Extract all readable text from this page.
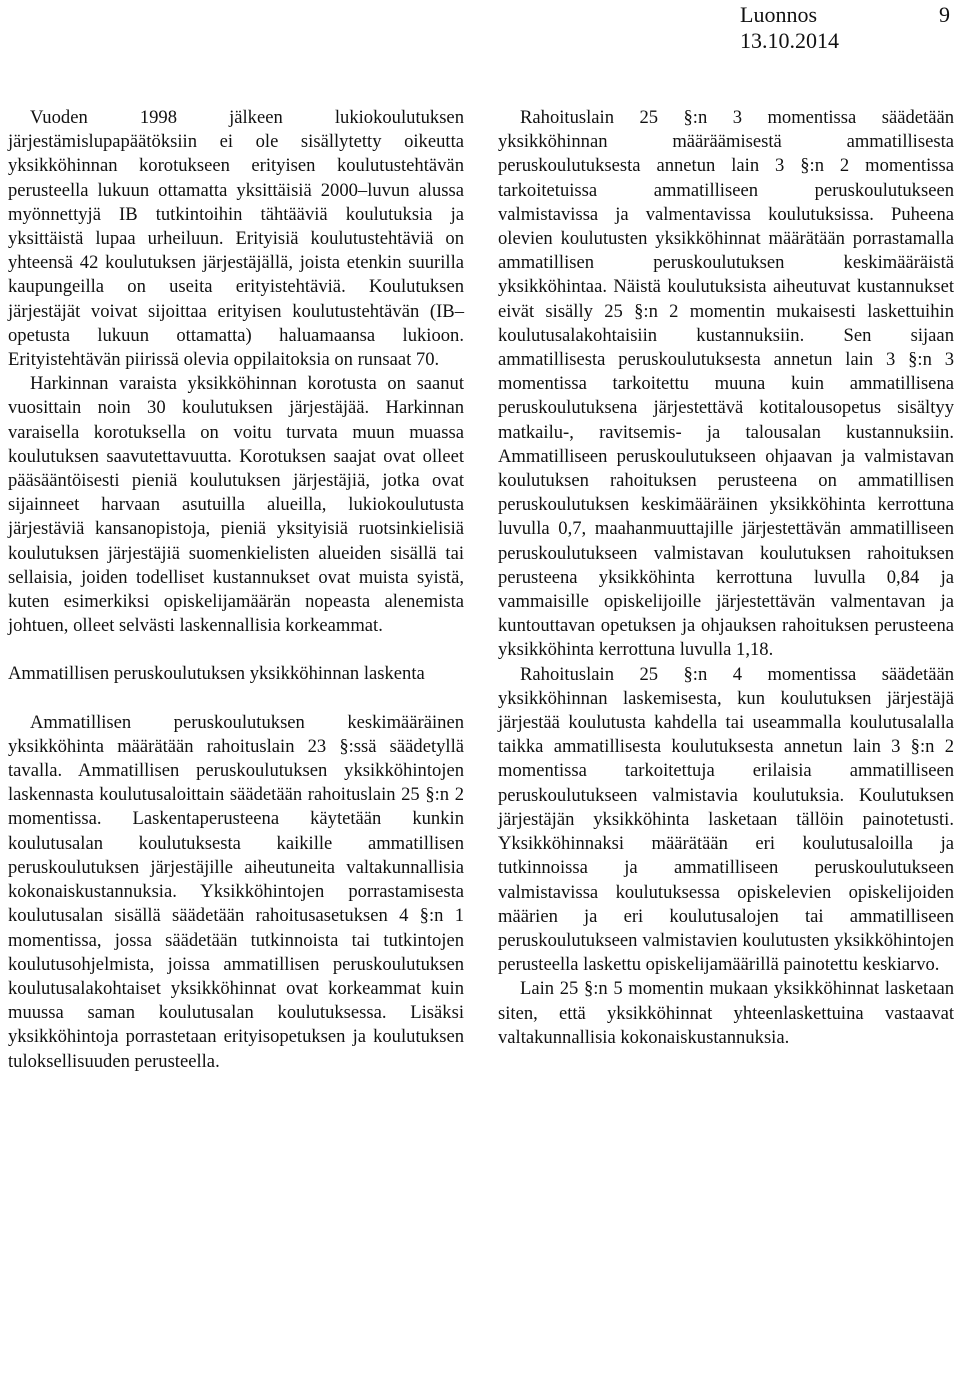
Luonnos
13.10.2014
9

Vuoden 1998 jälkeen lukiokoulutuksen järjestämislupapäätöksiin ei ole sisällytetty oikeutta yksikköhinnan korotukseen erityisen koulutustehtävän perusteella lukuun ottamatta yksittäisiä 2000–luvun alussa myönnettyjä IB tutkintoihin tähtääviä koulutuksia ja yksittäistä lupaa urheiluun. Erityisiä koulutustehtäviä on yhteensä 42 koulutuksen järjestäjällä, joista etenkin suurilla kaupungeilla on useita erityistehtäviä. Koulutuksen järjestäjät voivat sijoittaa erityisen koulutustehtävän (IB–opetusta lukuun ottamatta) haluamaansa lukioon. Erityistehtävän piirissä olevia oppilaitoksia on runsaat 70.

Harkinnan varaista yksikköhinnan korotusta on saanut vuosittain noin 30 koulutuksen järjestäjää. Harkinnan varaisella korotuksella on voitu turvata muun muassa koulutuksen saavutettavuutta. Korotuksen saajat ovat olleet pääsääntöisesti pieniä koulutuksen järjestäjiä, jotka ovat sijainneet harvaan asutuilla alueilla, lukiokoulutusta järjestäviä kansanopistoja, pieniä yksityisiä ruotsinkielisiä koulutuksen järjestäjiä suomenkielisten alueiden sisällä tai sellaisia, joiden todelliset kustannukset ovat muista syistä, kuten esimerkiksi opiskelijamäärän nopeasta alenemista johtuen, olleet selvästi laskennallisia korkeammat.

Ammatillisen peruskoulutuksen yksikköhinnan laskenta

Ammatillisen peruskoulutuksen keskimääräinen yksikköhinta määrätään rahoituslain 23 §:ssä säädetyllä tavalla. Ammatillisen peruskoulutuksen yksikköhintojen laskennasta koulutusaloittain säädetään rahoituslain 25 §:n 2 momentissa. Laskentaperusteena käytetään kunkin koulutusalan koulutuksesta kaikille ammatillisen peruskoulutuksen järjestäjille aiheutuneita valtakunnallisia kokonaiskustannuksia. Yksikköhintojen porrastamisesta koulutusalan sisällä säädetään rahoitusasetuksen 4 §:n 1 momentissa, jossa säädetään tutkinnoista tai tutkintojen koulutusohjelmista, joissa ammatillisen peruskoulutuksen koulutusalakohtaiset yksikköhinnat ovat korkeammat kuin muussa saman koulutusalan koulutuksessa. Lisäksi yksikköhintoja porrastetaan erityisopetuksen ja koulutuksen tuloksellisuuden perusteella.

Rahoituslain 25 §:n 3 momentissa säädetään yksikköhinnan määräämisestä ammatillisesta peruskoulutuksesta annetun lain 3 §:n 2 momentissa tarkoitetuissa ammatilliseen peruskoulutukseen valmistavissa ja valmentavissa koulutuksissa. Puheena olevien koulutusten yksikköhinnat määrätään porrastamalla ammatillisen peruskoulutuksen keskimääräistä yksikköhintaa. Näistä koulutuksista aiheutuvat kustannukset eivät sisälly 25 §:n 2 momentin mukaisesti laskettuihin koulutusalakohtaisiin kustannuksiin. Sen sijaan ammatillisesta peruskoulutuksesta annetun lain 3 §:n 3 momentissa tarkoitettu muuna kuin ammatillisena peruskoulutuksena järjestettävä kotitalousopetus sisältyy matkailu-, ravitsemis- ja talousalan kustannuksiin. Ammatilliseen peruskoulutukseen ohjaavan ja valmistavan koulutuksen rahoituksen perusteena on ammatillisen peruskoulutuksen keskimääräinen yksikköhinta kerrottuna luvulla 0,7, maahanmuuttajille järjestettävän ammatilliseen peruskoulutukseen valmistavan koulutuksen rahoituksen perusteena yksikköhinta kerrottuna luvulla 0,84 ja vammaisille opiskelijoille järjestettävän valmentavan ja kuntouttavan opetuksen ja ohjauksen rahoituksen perusteena yksikköhinta kerrottuna luvulla 1,18.

Rahoituslain 25 §:n 4 momentissa säädetään yksikköhinnan laskemisesta, kun koulutuksen järjestäjä järjestää koulutusta kahdella tai useammalla koulutusalalla taikka ammatillisesta koulutuksesta annetun lain 3 §:n 2 momentissa tarkoitettuja erilaisia ammatilliseen peruskoulutukseen valmistavia koulutuksia. Koulutuksen järjestäjän yksikköhinta lasketaan tällöin painotetusti. Yksikköhinnaksi määrätään eri koulutusaloilla ja tutkinnoissa ja ammatilliseen peruskoulutukseen valmistavissa koulutuksessa opiskelevien opiskelijoiden määrien ja eri koulutusalojen tai ammatilliseen peruskoulutukseen valmistavien koulutusten yksikköhintojen perusteella laskettu opiskelijamäärillä painotettu keskiarvo.

Lain 25 §:n 5 momentin mukaan yksikköhinnat lasketaan siten, että yksikköhinnat yhteenlaskettuina vastaavat valtakunnallisia kokonaiskustannuksia.
